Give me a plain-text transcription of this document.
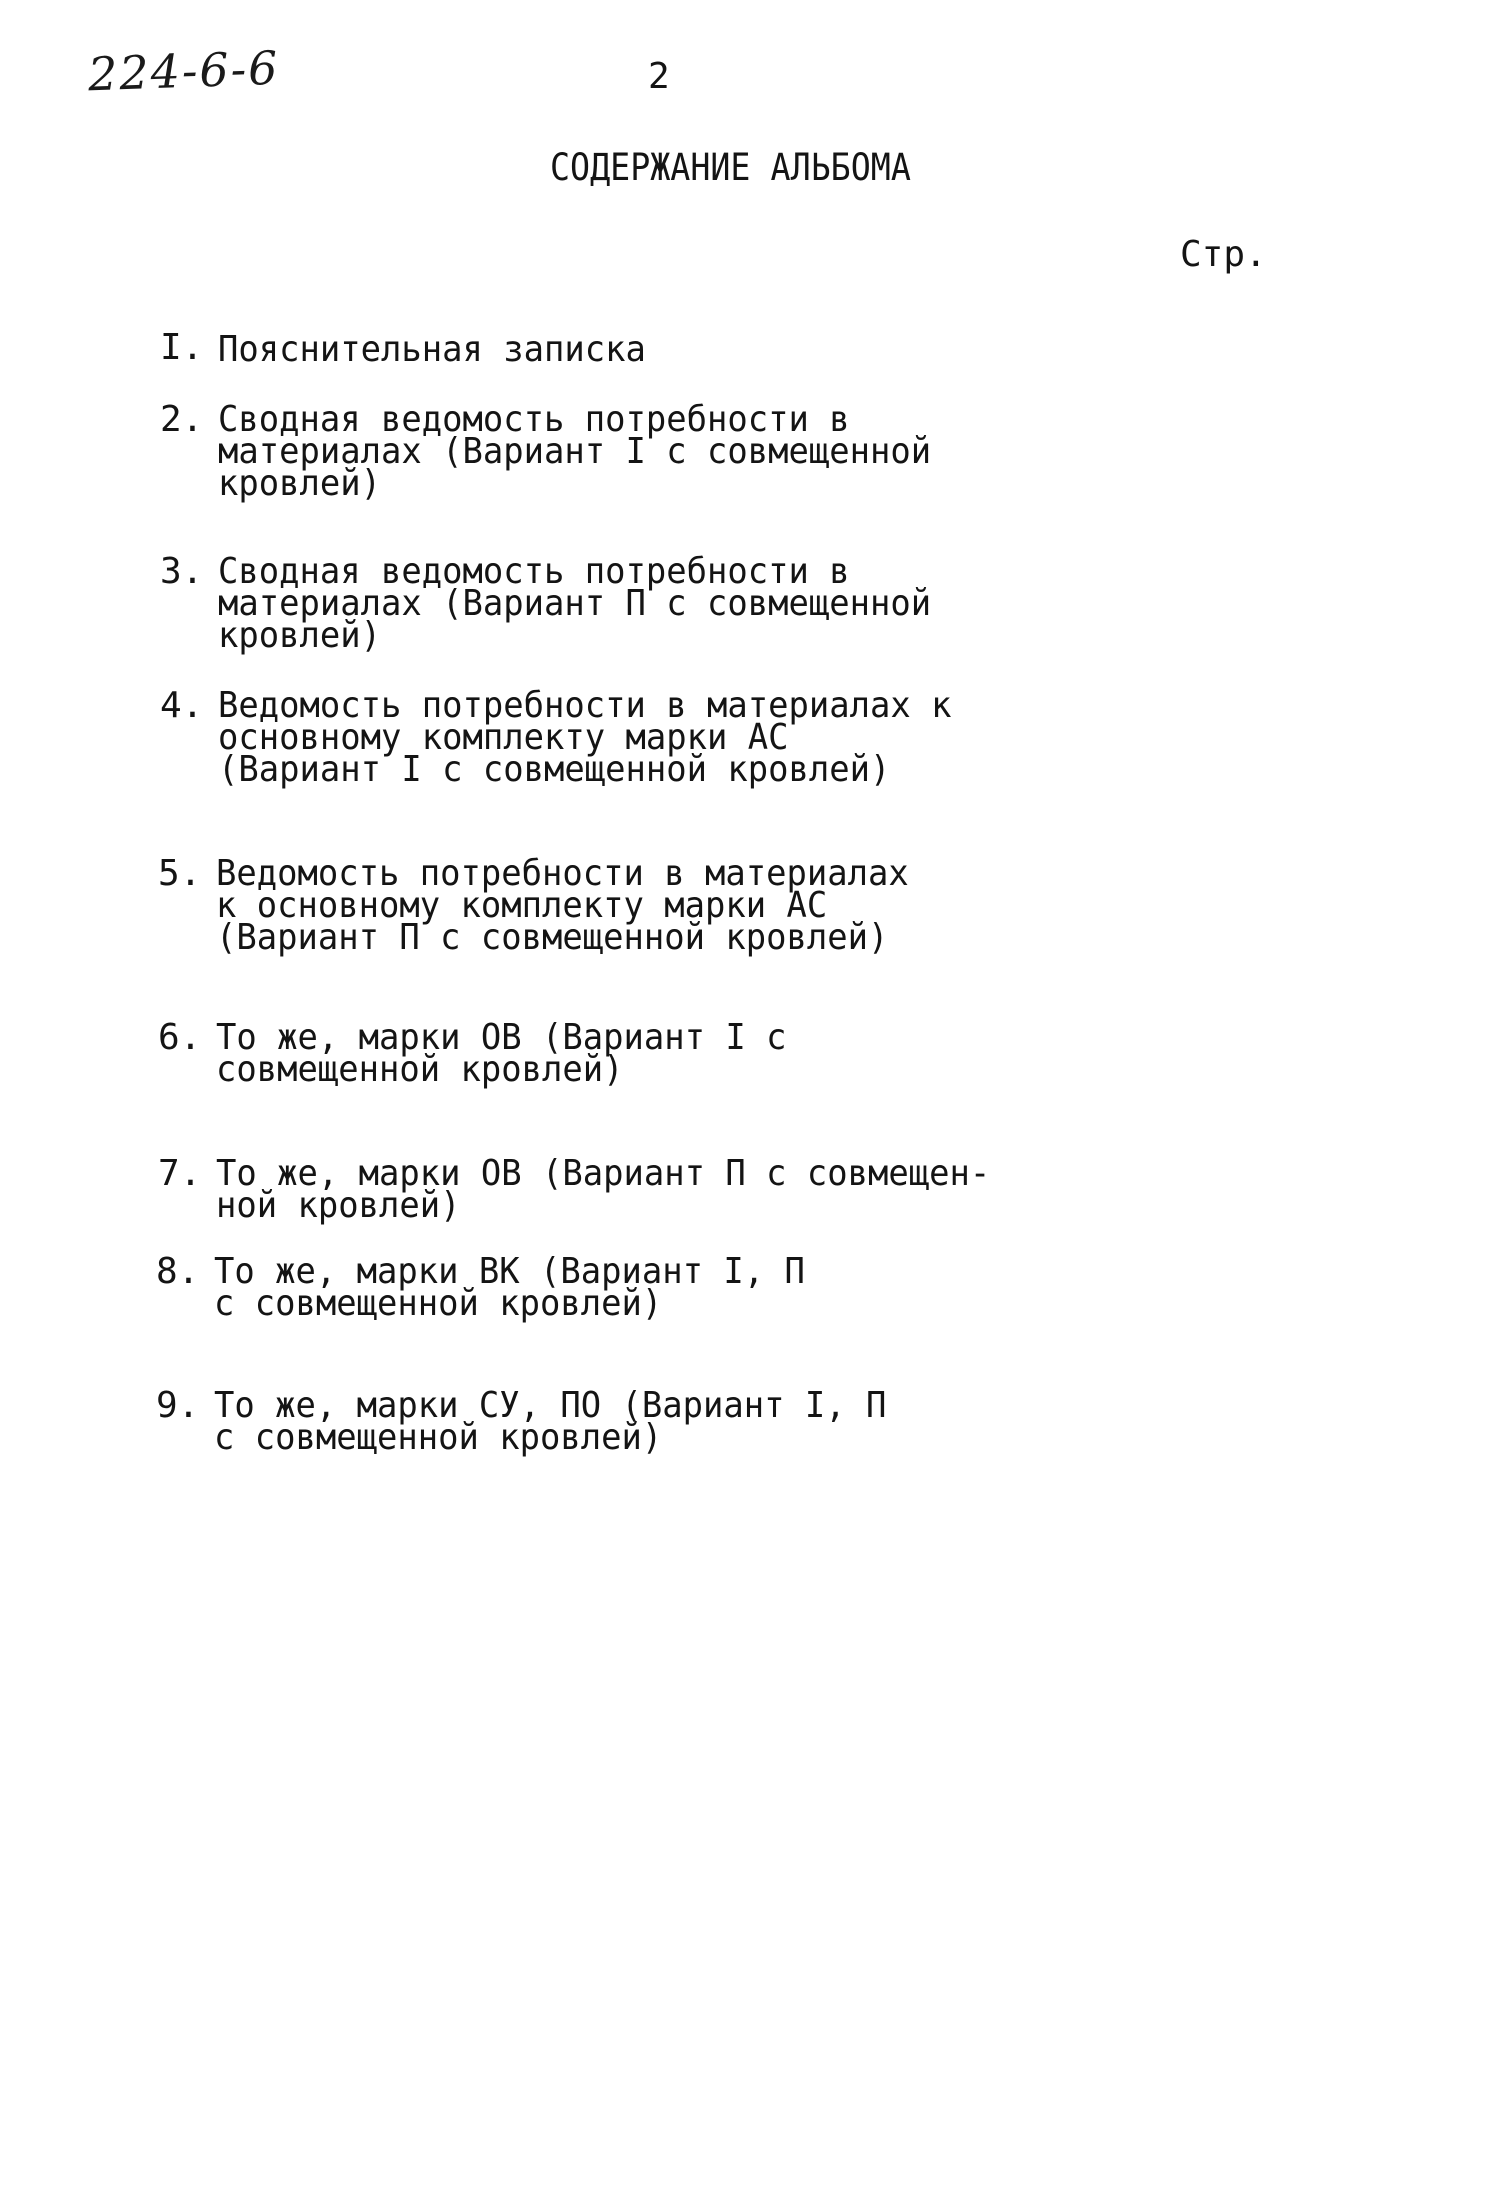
224-6-6	2
СОДЕРЖАНИЕ АЛЬБОМА
Стр.
I. Пояснительная записка
2. Сводная ведомость потребности в
материалах (Вариант I с совмещенной
кровлей)
3. Сводная ведомость потребности в
материалах (Вариант П с совмещенной
кровлей)
4. Ведомость потребности в материалах к
основному комплекту марки АС
(Вариант I с совмещенной кровлей)
5. Ведомость потребности в материалах
к основному комплекту марки АС
(Вариант П с совмещенной кровлей)
6. То же, марки ОВ (Вариант I с
совмещенной кровлей)
7. То же, марки ОВ (Вариант П с совмещен-
ной кровлей)
8. То же, марки ВК (Вариант I, П
с совмещенной кровлей)
9. То же, марки СУ, ПО (Вариант I, П
с совмещенной кровлей)
